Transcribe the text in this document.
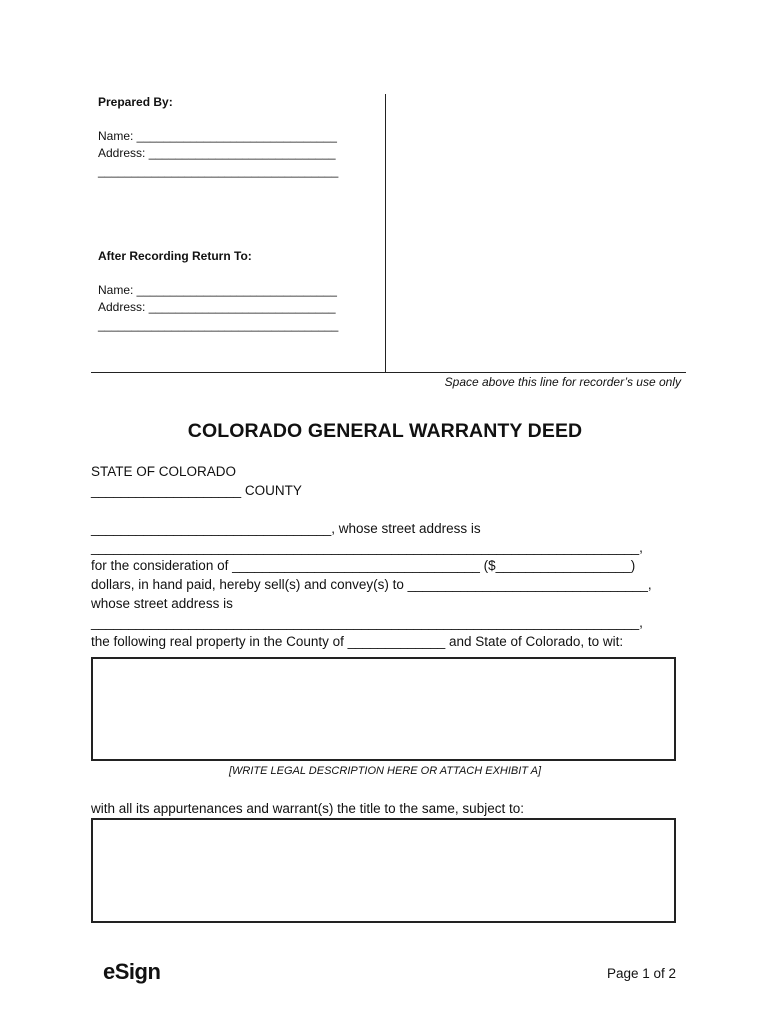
Prepared By:
Name: ______________________________
Address: ____________________________
____________________________________
After Recording Return To:
Name: ______________________________
Address: ____________________________
____________________________________
Space above this line for recorder’s use only
COLORADO GENERAL WARRANTY DEED
STATE OF COLORADO
____________________ COUNTY
________________________________, whose street address is
_________________________________________________________________________,
for the consideration of _________________________________ ($__________________)
dollars, in hand paid, hereby sell(s) and convey(s) to ________________________________,
whose street address is
_________________________________________________________________________,
the following real property in the County of _____________ and State of Colorado, to wit:
[WRITE LEGAL DESCRIPTION HERE OR ATTACH EXHIBIT A]
with all its appurtenances and warrant(s) the title to the same, subject to:
eSign	Page 1 of 2
